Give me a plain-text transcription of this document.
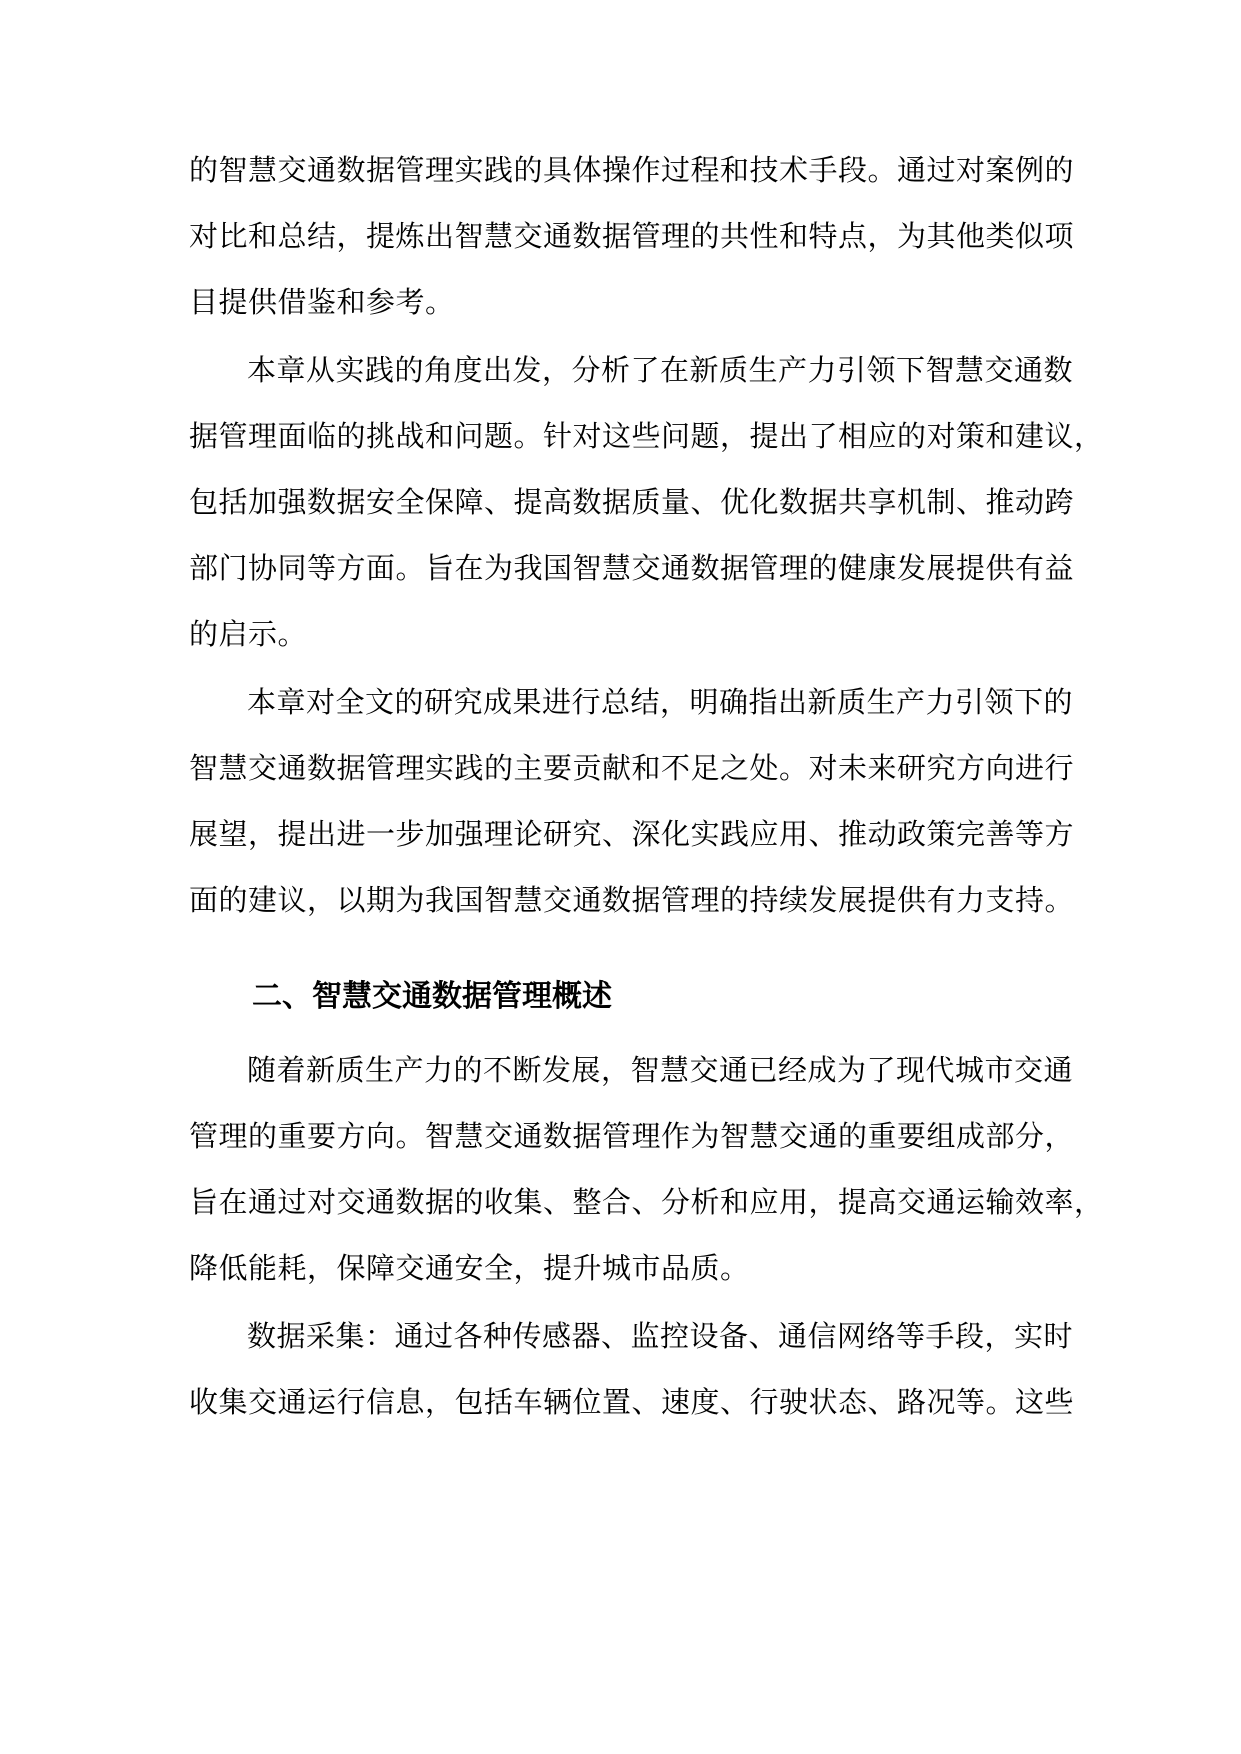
的智慧交通数据管理实践的具体操作过程和技术手段。通过对案例的
对比和总结，提炼出智慧交通数据管理的共性和特点，为其他类似项
目提供借鉴和参考。
本章从实践的角度出发，分析了在新质生产力引领下智慧交通数
据管理面临的挑战和问题。针对这些问题，提出了相应的对策和建议，
包括加强数据安全保障、提高数据质量、优化数据共享机制、推动跨
部门协同等方面。旨在为我国智慧交通数据管理的健康发展提供有益
的启示。
本章对全文的研究成果进行总结，明确指出新质生产力引领下的
智慧交通数据管理实践的主要贡献和不足之处。对未来研究方向进行
展望，提出进一步加强理论研究、深化实践应用、推动政策完善等方
面的建议，以期为我国智慧交通数据管理的持续发展提供有力支持。
二、智慧交通数据管理概述
随着新质生产力的不断发展，智慧交通已经成为了现代城市交通
管理的重要方向。智慧交通数据管理作为智慧交通的重要组成部分，
旨在通过对交通数据的收集、整合、分析和应用，提高交通运输效率，
降低能耗，保障交通安全，提升城市品质。
数据采集：通过各种传感器、监控设备、通信网络等手段，实时
收集交通运行信息，包括车辆位置、速度、行驶状态、路况等。这些
